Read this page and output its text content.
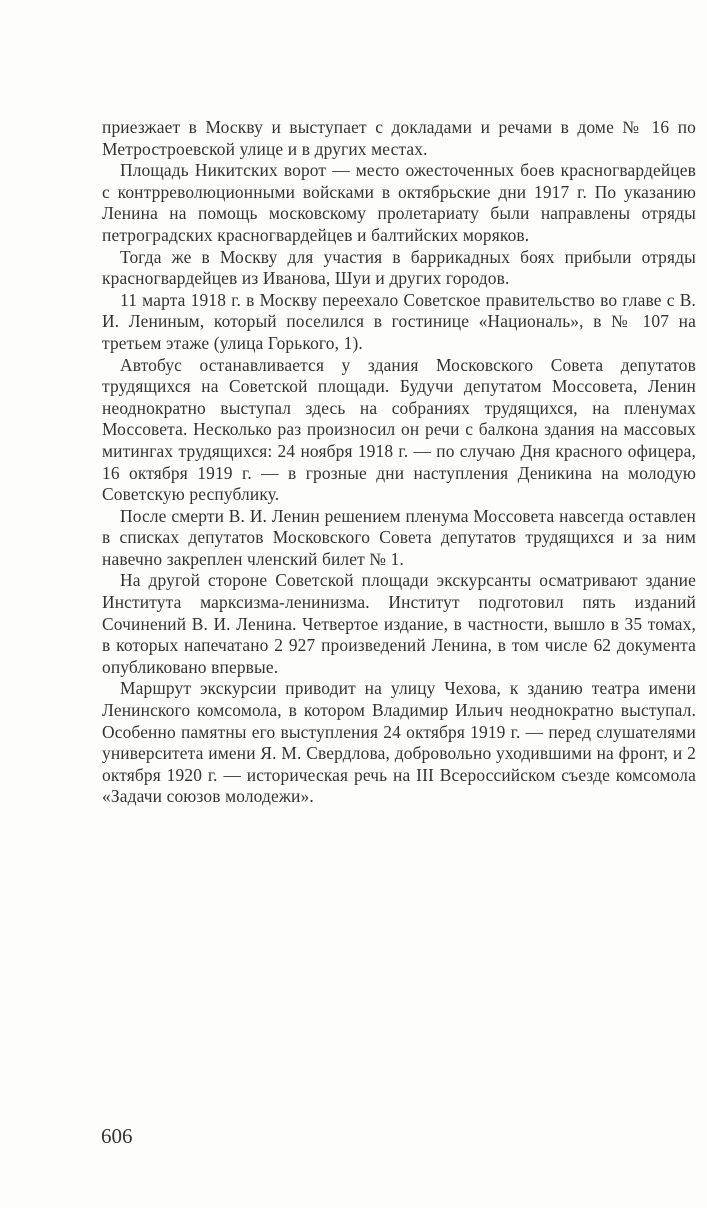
приезжает в Москву и выступает с докладами и речами в доме № 16 по Метростроевской улице и в других местах.

Площадь Никитских ворот — место ожесточенных боев красногвардейцев с контрреволюционными войсками в октябрьские дни 1917 г. По указанию Ленина на помощь московскому пролетариату были направлены отряды петроградских красногвардейцев и балтийских моряков.

Тогда же в Москву для участия в баррикадных боях прибыли отряды красногвардейцев из Иванова, Шуи и других городов.

11 марта 1918 г. в Москву переехало Советское правительство во главе с В. И. Лениным, который поселился в гостинице «Националь», в № 107 на третьем этаже (улица Горького, 1).

Автобус останавливается у здания Московского Совета депутатов трудящихся на Советской площади. Будучи депутатом Моссовета, Ленин неоднократно выступал здесь на собраниях трудящихся, на пленумах Моссовета. Несколько раз произносил он речи с балкона здания на массовых митингах трудящихся: 24 ноября 1918 г. — по случаю Дня красного офицера, 16 октября 1919 г. — в грозные дни наступления Деникина на молодую Советскую республику.

После смерти В. И. Ленин решением пленума Моссовета навсегда оставлен в списках депутатов Московского Совета депутатов трудящихся и за ним навечно закреплен членский билет № 1.

На другой стороне Советской площади экскурсанты осматривают здание Института марксизма-ленинизма. Институт подготовил пять изданий Сочинений В. И. Ленина. Четвертое издание, в частности, вышло в 35 томах, в которых напечатано 2 927 произведений Ленина, в том числе 62 документа опубликовано впервые.

Маршрут экскурсии приводит на улицу Чехова, к зданию театра имени Ленинского комсомола, в котором Владимир Ильич неоднократно выступал. Особенно памятны его выступления 24 октября 1919 г. — перед слушателями университета имени Я. М. Свердлова, добровольно уходившими на фронт, и 2 октября 1920 г. — историческая речь на III Всероссийском съезде комсомола «Задачи союзов молодежи».

606
